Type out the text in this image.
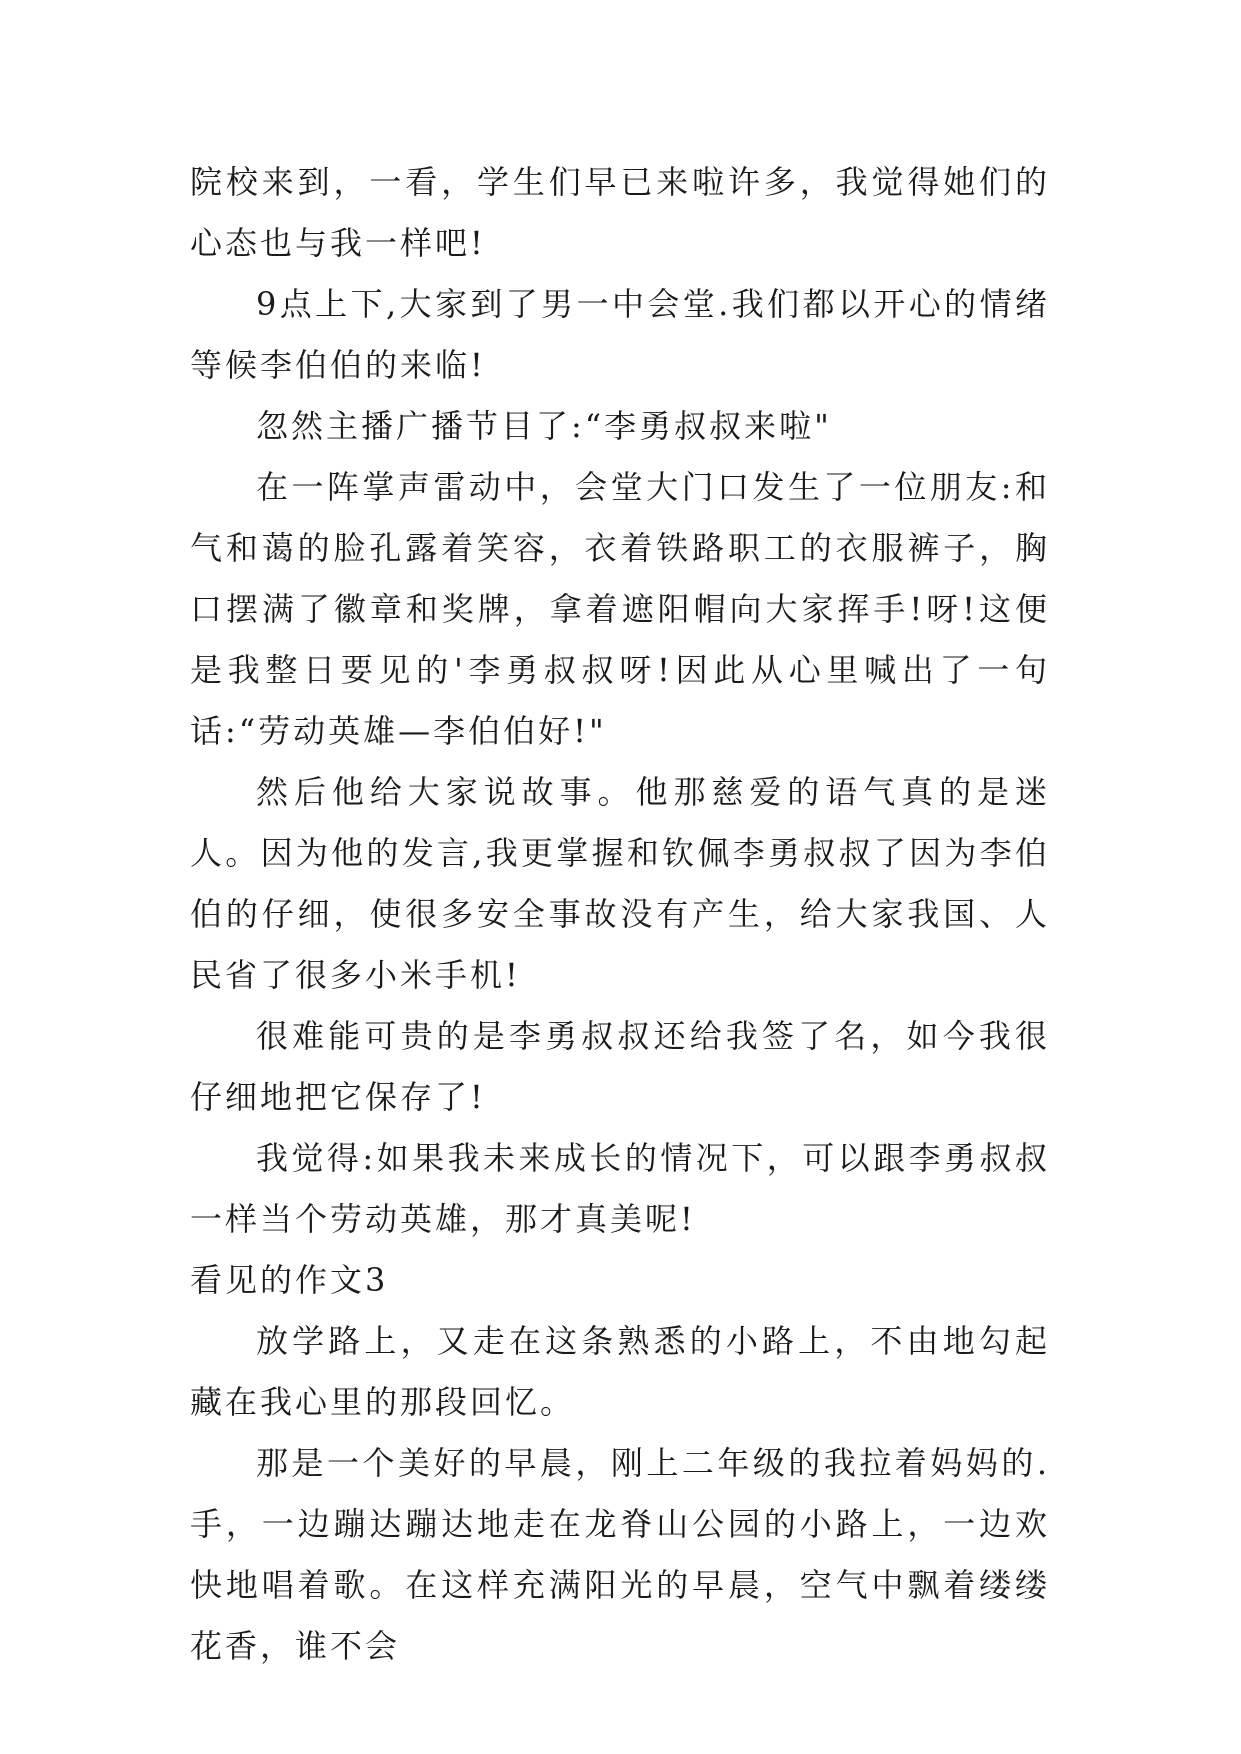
院校来到，一看，学生们早已来啦许多，我觉得她们的心态也与我一样吧!

9点上下,大家到了男一中会堂.我们都以开心的情绪等候李伯伯的来临!

忽然主播广播节目了:“李勇叔叔来啦"

在一阵掌声雷动中，会堂大门口发生了一位朋友:和气和蔼的脸孔露着笑容，衣着铁路职工的衣服裤子，胸口摆满了徽章和奖牌，拿着遮阳帽向大家挥手!呀!这便是我整日要见的'李勇叔叔呀!因此从心里喊出了一句话:“劳动英雄—李伯伯好!"

然后他给大家说故事。他那慈爱的语气真的是迷人。因为他的发言,我更掌握和钦佩李勇叔叔了因为李伯伯的仔细，使很多安全事故没有产生，给大家我国、人民省了很多小米手机!

很难能可贵的是李勇叔叔还给我签了名，如今我很仔细地把它保存了!

我觉得:如果我未来成长的情况下，可以跟李勇叔叔一样当个劳动英雄，那才真美呢!

看见的作文3

放学路上，又走在这条熟悉的小路上，不由地勾起藏在我心里的那段回忆。

那是一个美好的早晨，刚上二年级的我拉着妈妈的.手，一边蹦达蹦达地走在龙脊山公园的小路上，一边欢快地唱着歌。在这样充满阳光的早晨，空气中飘着缕缕花香，谁不会
